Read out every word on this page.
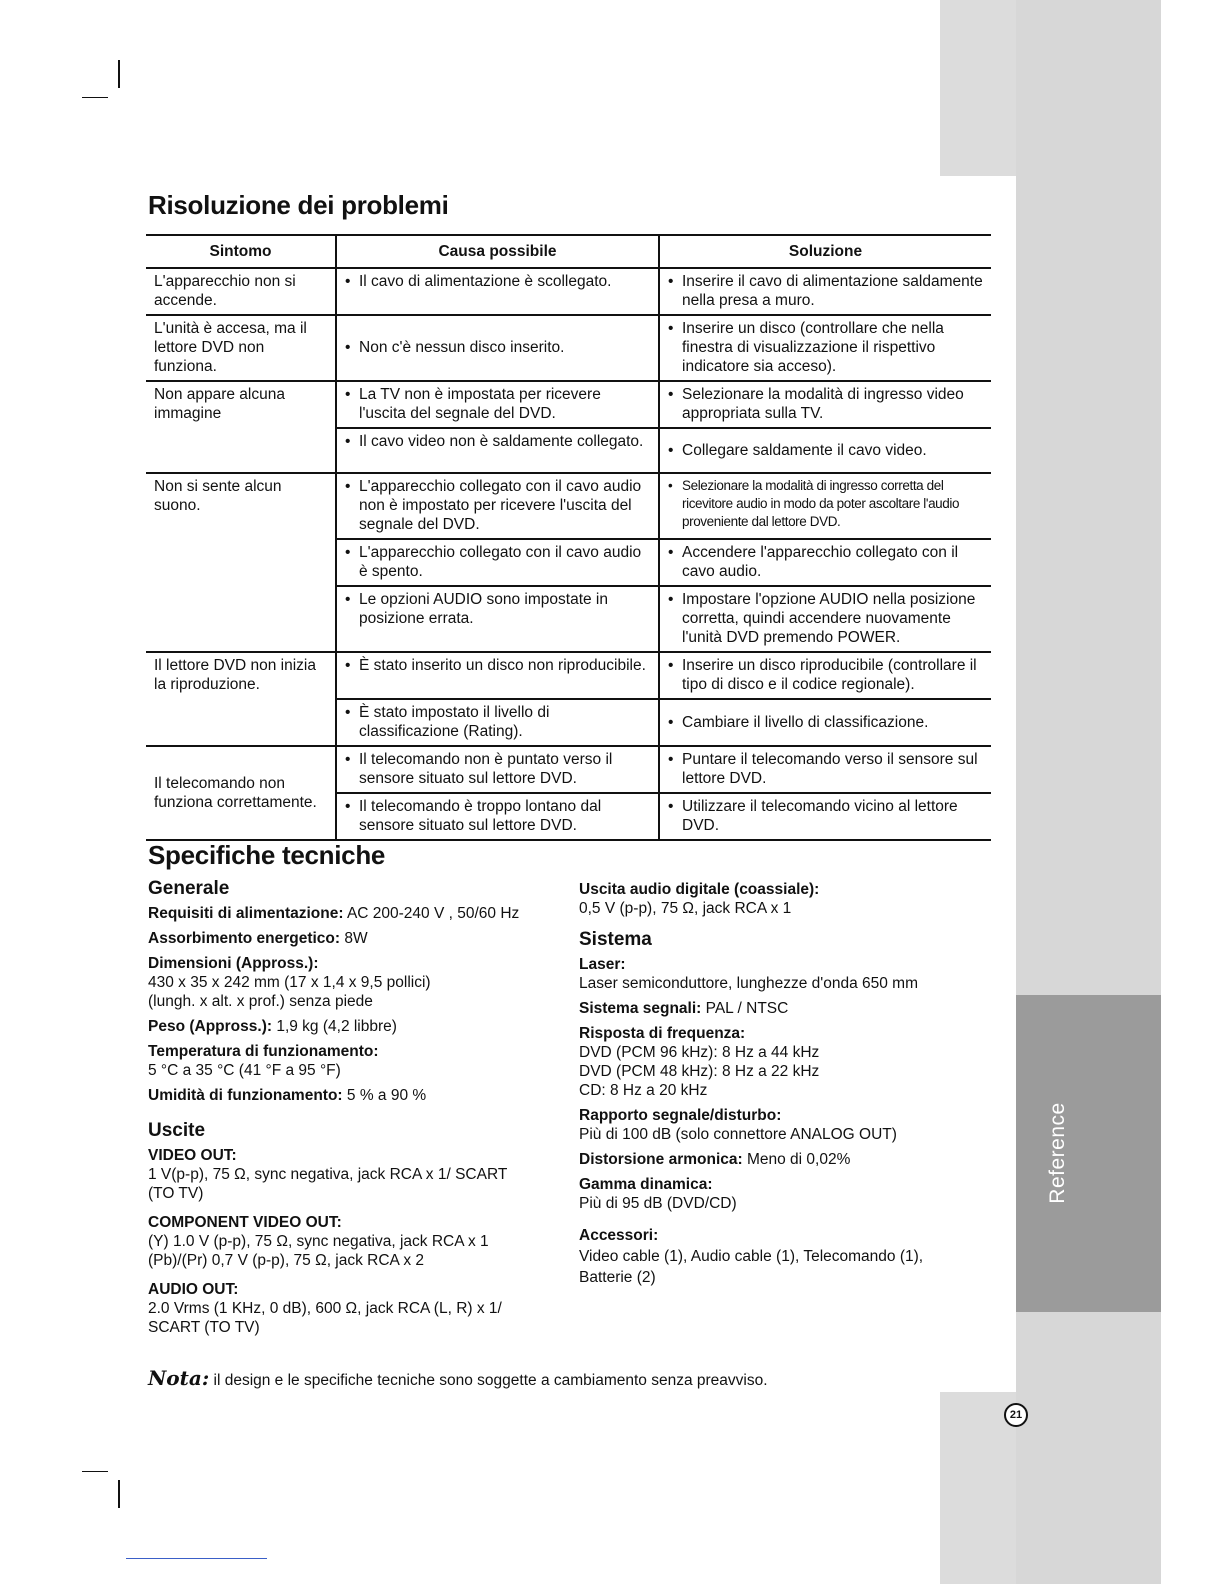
Reference
21
Risoluzione dei problemi
Sintomo	Causa possibile	Soluzione
L'apparecchio non si accende.	• Il cavo di alimentazione è scollegato.	• Inserire il cavo di alimentazione saldamente nella presa a muro.

L'unità è accesa, ma il lettore DVD non funziona.	• Non c'è nessun disco inserito.	• Inserire un disco (controllare che nella finestra di visualizzazione il rispettivo indicatore sia acceso).

Non appare alcuna immagine	• La TV non è impostata per ricevere l'uscita del segnale del DVD.	• Selezionare la modalità di ingresso video appropriata sulla TV.

	• Il cavo video non è saldamente collegato.	• Collegare saldamente il cavo video.

Non si sente alcun suono.	• L'apparecchio collegato con il cavo audio non è impostato per ricevere l'uscita del segnale del DVD.	• Selezionare la modalità di ingresso corretta del ricevitore audio in modo da poter ascoltare l'audio proveniente dal lettore DVD.

	• L'apparecchio collegato con il cavo audio è spento.	• Accendere l'apparecchio collegato con il cavo audio.

	• Le opzioni AUDIO sono impostate in posizione errata.	• Impostare l'opzione AUDIO nella posizione corretta, quindi accendere nuovamente l'unità DVD premendo POWER.

Il lettore DVD non inizia la riproduzione.	• È stato inserito un disco non riproducibile.	• Inserire un disco riproducibile (controllare il tipo di disco e il codice regionale).

	• È stato impostato il livello di classificazione (Rating).	• Cambiare il livello di classificazione.

Il telecomando non funziona correttamente.	• Il telecomando non è puntato verso il sensore situato sul lettore DVD.	• Puntare il telecomando verso il sensore sul lettore DVD.

	• Il telecomando è troppo lontano dal sensore situato sul lettore DVD.	• Utilizzare il telecomando vicino al lettore DVD.
Specifiche tecniche
Generale
Requisiti di alimentazione: AC 200-240 V , 50/60 Hz
Assorbimento energetico: 8W
Dimensioni (Appross.):
430 x 35 x 242 mm (17 x 1,4 x 9,5 pollici)
(lungh. x alt. x prof.) senza piede
Peso (Appross.): 1,9 kg (4,2 libbre)
Temperatura di funzionamento:
5 °C a 35 °C (41 °F a 95 °F)
Umidità di funzionamento: 5 % a 90 %
Uscite
VIDEO OUT:
1 V(p-p), 75 Ω, sync negativa, jack RCA x 1/ SCART
(TO TV)
COMPONENT VIDEO OUT:
(Y) 1.0 V (p-p), 75 Ω, sync negativa, jack RCA x 1
(Pb)/(Pr) 0,7 V (p-p), 75 Ω, jack RCA x 2
AUDIO OUT:
2.0 Vrms (1 KHz, 0 dB), 600 Ω, jack RCA (L, R) x 1/
SCART (TO TV)
Uscita audio digitale (coassiale):
0,5 V (p-p), 75 Ω, jack RCA x 1
Sistema
Laser:
Laser semiconduttore, lunghezze d'onda 650 mm
Sistema segnali: PAL / NTSC
Risposta di frequenza:
DVD (PCM 96 kHz): 8 Hz a 44 kHz
DVD (PCM 48 kHz): 8 Hz a 22 kHz
CD: 8 Hz a 20 kHz
Rapporto segnale/disturbo:
Più di 100 dB (solo connettore ANALOG OUT)
Distorsione armonica: Meno di 0,02%
Gamma dinamica:
Più di 95 dB (DVD/CD)
Accessori:
Video cable (1), Audio cable (1), Telecomando (1),
Batterie (2)
Nota: il design e le specifiche tecniche sono soggette a cambiamento senza preavviso.
